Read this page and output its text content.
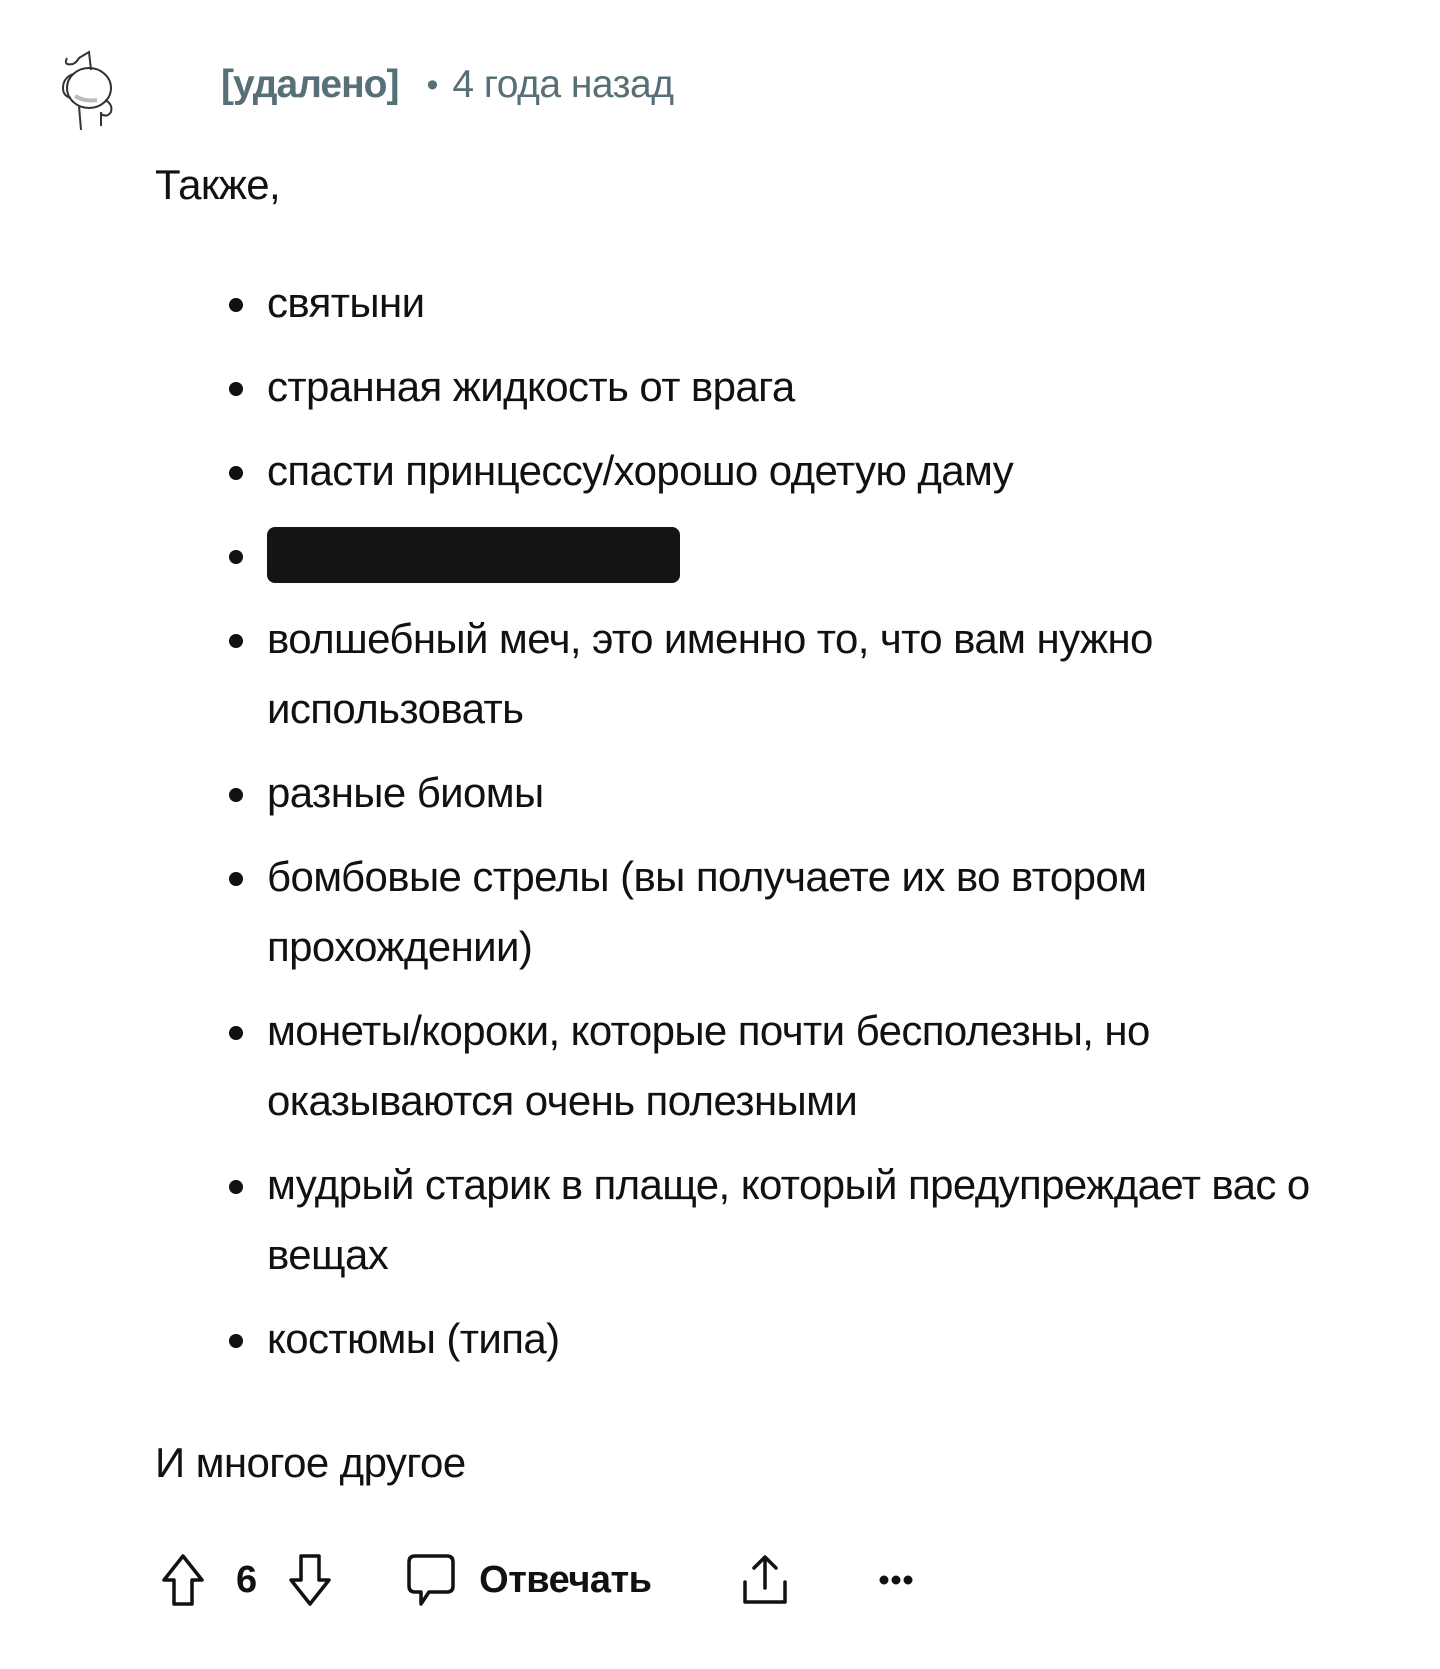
[удалено] • 4 года назад

Также,

святыни
странная жидкость от врага
спасти принцессу/хорошо одетую даму
волшебный меч, это именно то, что вам нужно использовать
разные биомы
бомбовые стрелы (вы получаете их во втором прохождении)
монеты/короки, которые почти бесполезны, но оказываются очень полезными
мудрый старик в плаще, который предупреждает вас о вещах
костюмы (типа)

И многое другое

6	Отвечать
